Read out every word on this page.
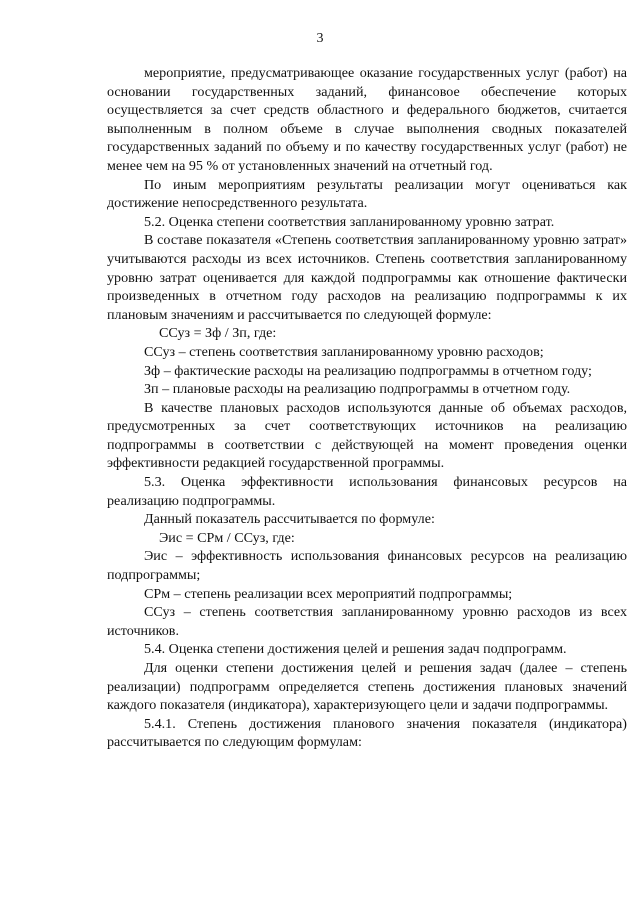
3

мероприятие, предусматривающее оказание государственных услуг (работ) на основании государственных заданий, финансовое обеспечение которых осуществляется за счет средств областного и федерального бюджетов, считается выполненным в полном объеме в случае выполнения сводных показателей государственных заданий по объему и по качеству государственных услуг (работ) не менее чем на 95 % от установленных значений на отчетный год.

По иным мероприятиям результаты реализации могут оцениваться как достижение непосредственного результата.

5.2. Оценка степени соответствия запланированному уровню затрат.

В составе показателя «Степень соответствия запланированному уровню затрат» учитываются расходы из всех источников. Степень соответствия запланированному уровню затрат оценивается для каждой подпрограммы как отношение фактически произведенных в отчетном году расходов на реализацию подпрограммы к их плановым значениям и рассчитывается по следующей формуле:

ССуз = Зф / Зп, где:

ССуз – степень соответствия запланированному уровню расходов;

Зф – фактические расходы на реализацию подпрограммы в отчетном году;

Зп – плановые расходы на реализацию подпрограммы в отчетном году.

В качестве плановых расходов используются данные об объемах расходов, предусмотренных за счет соответствующих источников на реализацию подпрограммы в соответствии с действующей на момент проведения оценки эффективности редакцией государственной программы.

5.3. Оценка эффективности использования финансовых ресурсов на реализацию подпрограммы.

Данный показатель рассчитывается по формуле:

Эис = СРм / ССуз, где:

Эис – эффективность использования финансовых ресурсов на реализацию подпрограммы;

СРм – степень реализации всех мероприятий подпрограммы;

ССуз – степень соответствия запланированному уровню расходов из всех источников.

5.4. Оценка степени достижения целей и решения задач подпрограмм.

Для оценки степени достижения целей и решения задач (далее – степень реализации) подпрограмм определяется степень достижения плановых значений каждого показателя (индикатора), характеризующего цели и задачи подпрограммы.

5.4.1. Степень достижения планового значения показателя (индикатора) рассчитывается по следующим формулам:
